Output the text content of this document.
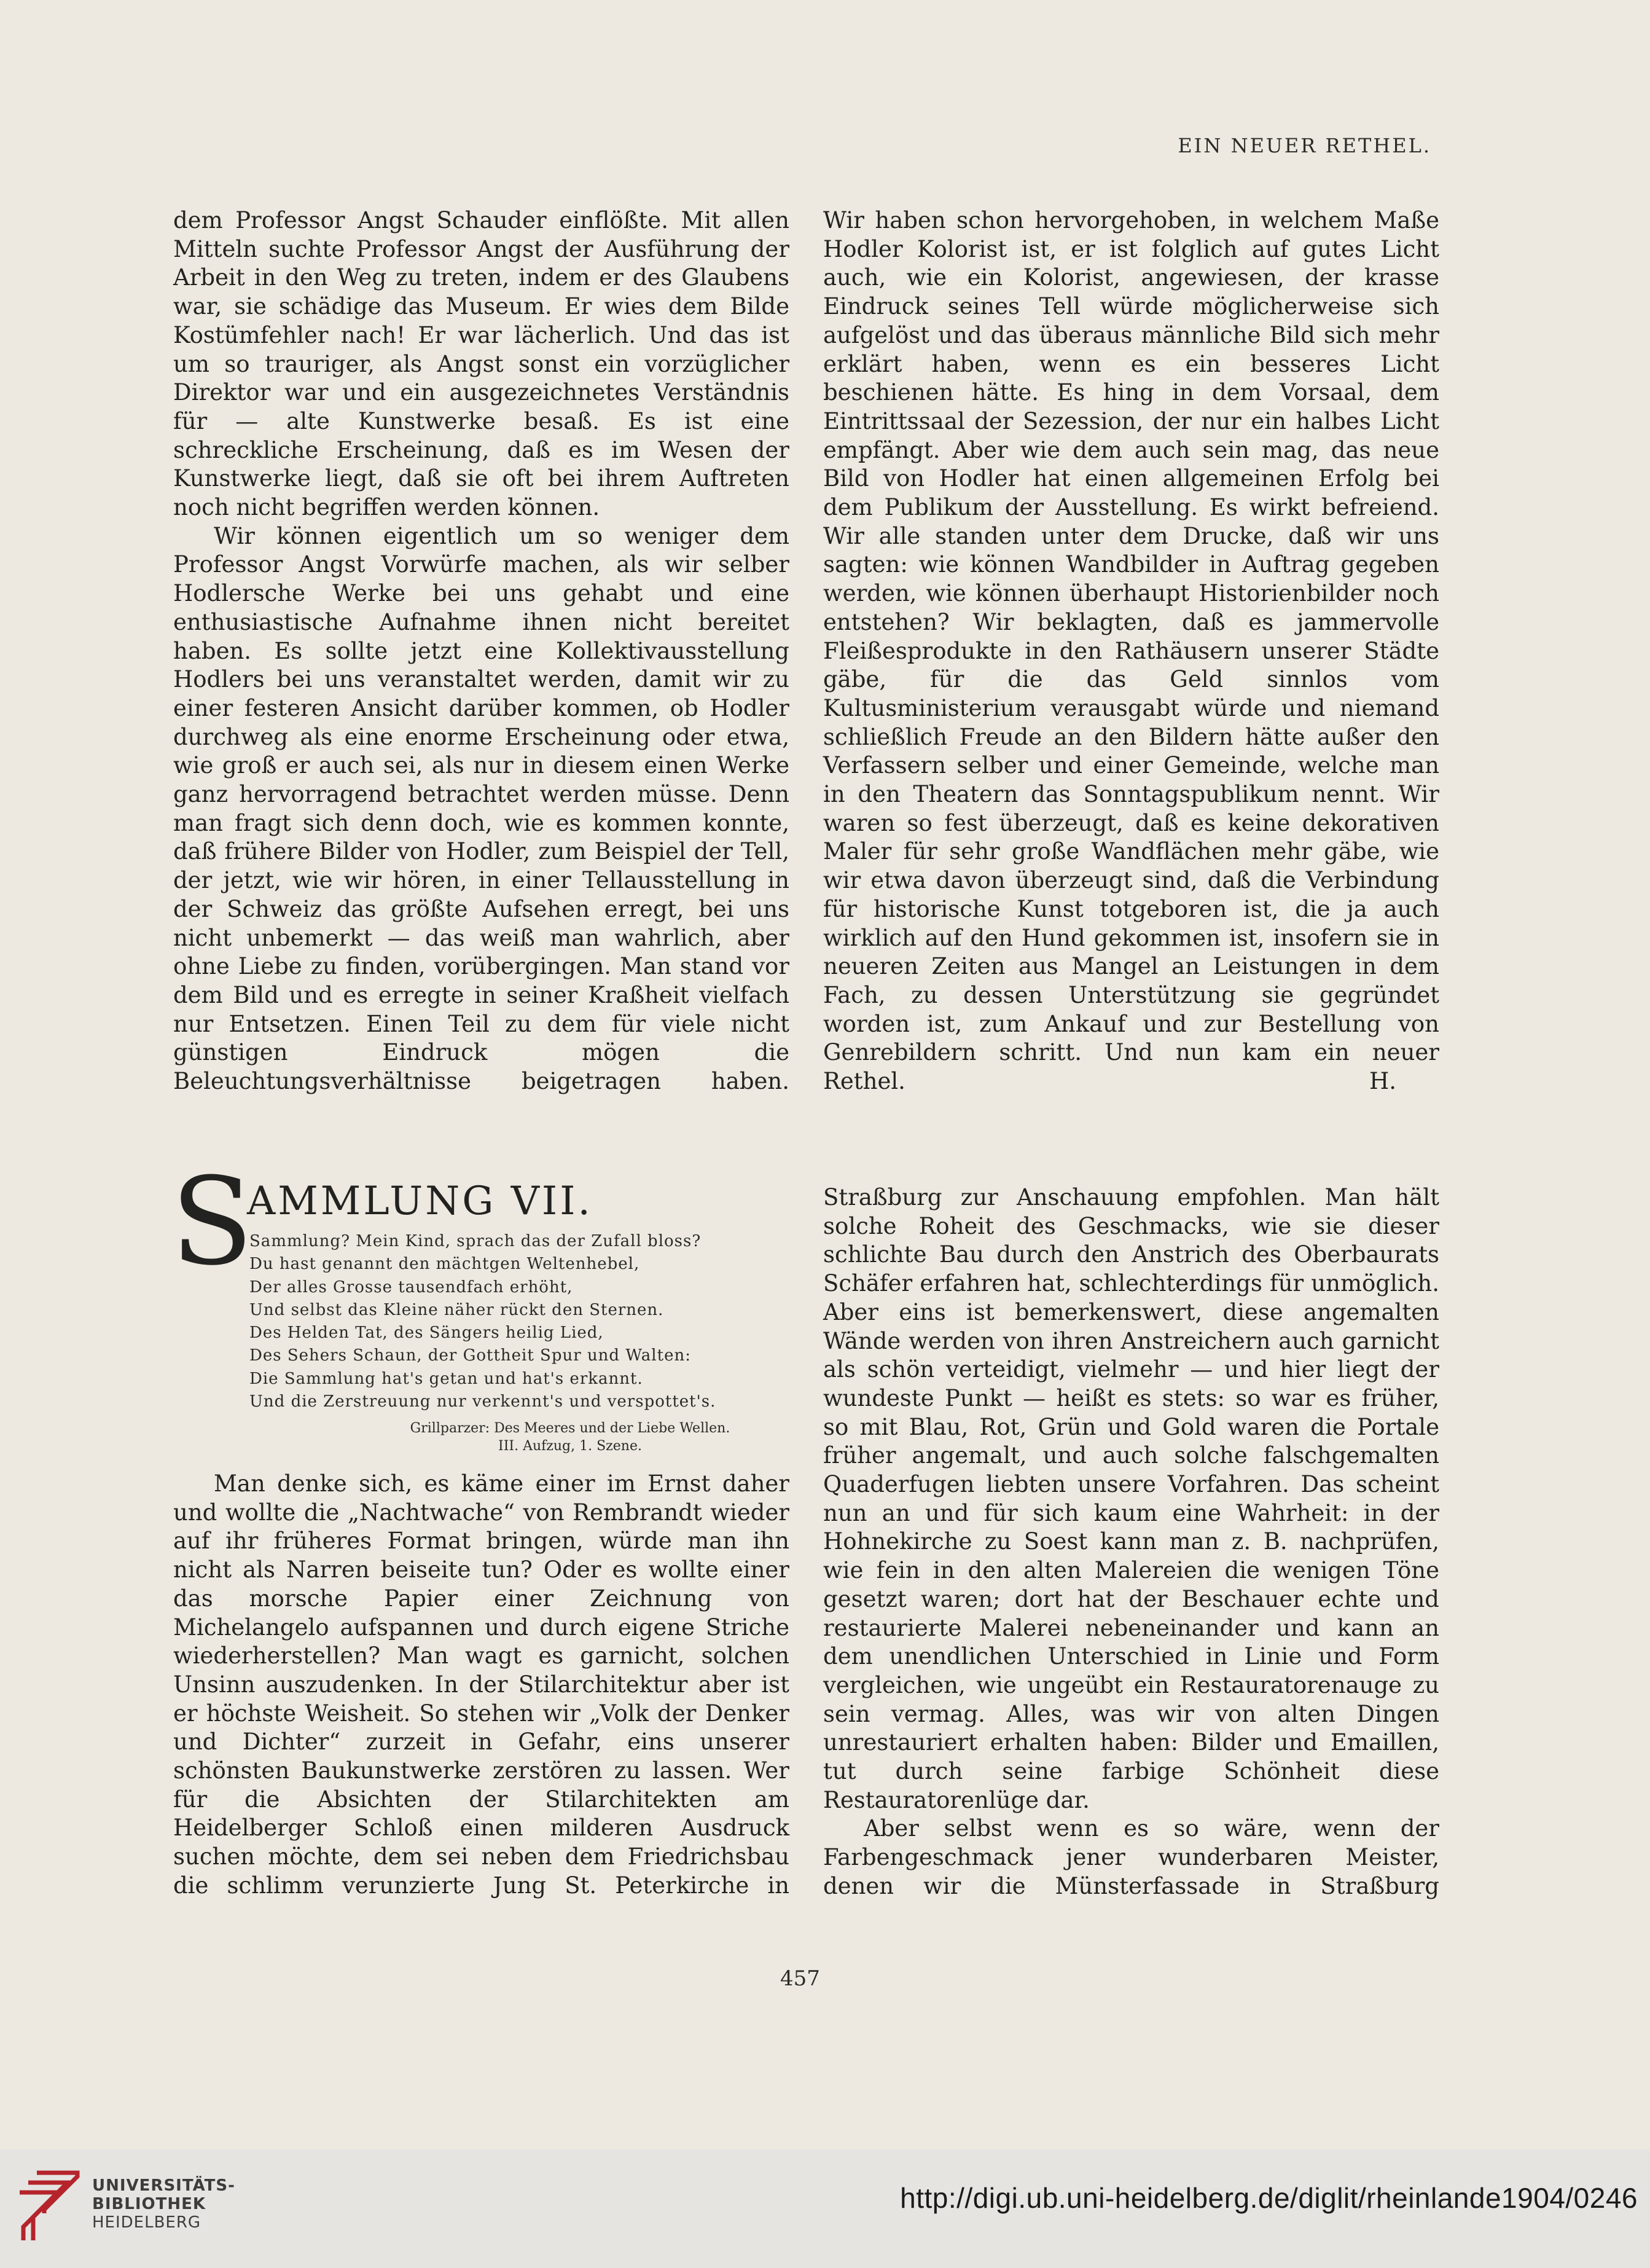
EIN NEUER RETHEL.

dem Professor Angst Schauder einflößte. Mit allen Mitteln suchte Professor Angst der Ausführung der Arbeit in den Weg zu treten, indem er des Glaubens war, sie schädige das Museum. Er wies dem Bilde Kostümfehler nach! Er war lächerlich. Und das ist um so trauriger, als Angst sonst ein vorzüglicher Direktor war und ein ausgezeichnetes Verständnis für — alte Kunstwerke besaß. Es ist eine schreckliche Erscheinung, daß es im Wesen der Kunstwerke liegt, daß sie oft bei ihrem Auftreten noch nicht begriffen werden können.

Wir können eigentlich um so weniger dem Professor Angst Vorwürfe machen, als wir selber Hodlersche Werke bei uns gehabt und eine enthusiastische Aufnahme ihnen nicht bereitet haben. Es sollte jetzt eine Kollektivausstellung Hodlers bei uns veranstaltet werden, damit wir zu einer festeren Ansicht darüber kommen, ob Hodler durchweg als eine enorme Erscheinung oder etwa, wie groß er auch sei, als nur in diesem einen Werke ganz hervorragend betrachtet werden müsse. Denn man fragt sich denn doch, wie es kommen konnte, daß frühere Bilder von Hodler, zum Beispiel der Tell, der jetzt, wie wir hören, in einer Tellausstellung in der Schweiz das größte Aufsehen erregt, bei uns nicht unbemerkt — das weiß man wahrlich, aber ohne Liebe zu finden, vorübergingen. Man stand vor dem Bild und es erregte in seiner Kraßheit vielfach nur Entsetzen. Einen Teil zu dem für viele nicht günstigen Eindruck mögen die Beleuchtungsverhältnisse beigetragen haben.

Wir haben schon hervorgehoben, in welchem Maße Hodler Kolorist ist, er ist folglich auf gutes Licht auch, wie ein Kolorist, angewiesen, der krasse Eindruck seines Tell würde möglicherweise sich aufgelöst und das überaus männliche Bild sich mehr erklärt haben, wenn es ein besseres Licht beschienen hätte. Es hing in dem Vorsaal, dem Eintrittssaal der Sezession, der nur ein halbes Licht empfängt. Aber wie dem auch sein mag, das neue Bild von Hodler hat einen allgemeinen Erfolg bei dem Publikum der Ausstellung. Es wirkt befreiend. Wir alle standen unter dem Drucke, daß wir uns sagten: wie können Wandbilder in Auftrag gegeben werden, wie können überhaupt Historienbilder noch entstehen? Wir beklagten, daß es jammervolle Fleißesprodukte in den Rathäusern unserer Städte gäbe, für die das Geld sinnlos vom Kultusministerium verausgabt würde und niemand schließlich Freude an den Bildern hätte außer den Verfassern selber und einer Gemeinde, welche man in den Theatern das Sonntagspublikum nennt. Wir waren so fest überzeugt, daß es keine dekorativen Maler für sehr große Wandflächen mehr gäbe, wie wir etwa davon überzeugt sind, daß die Verbindung für historische Kunst totgeboren ist, die ja auch wirklich auf den Hund gekommen ist, insofern sie in neueren Zeiten aus Mangel an Leistungen in dem Fach, zu dessen Unterstützung sie gegründet worden ist, zum Ankauf und zur Bestellung von Genrebildern schritt. Und nun kam ein neuer

Rethel.	H.
S
AMMLUNG VII.
Sammlung? Mein Kind, sprach das der Zufall bloss?
Du hast genannt den mächtgen Weltenhebel,
Der alles Grosse tausendfach erhöht,
Und selbst das Kleine näher rückt den Sternen.
Des Helden Tat, des Sängers heilig Lied,
Des Sehers Schaun, der Gottheit Spur und Walten:
Die Sammlung hat's getan und hat's erkannt.
Und die Zerstreuung nur verkennt's und verspottet's.
Grillparzer: Des Meeres und der Liebe Wellen.
III. Aufzug, 1. Szene.

Man denke sich, es käme einer im Ernst daher und wollte die „Nachtwache“ von Rembrandt wieder auf ihr früheres Format bringen, würde man ihn nicht als Narren beiseite tun? Oder es wollte einer das morsche Papier einer Zeichnung von Michelangelo aufspannen und durch eigene Striche wiederherstellen? Man wagt es garnicht, solchen Unsinn auszudenken. In der Stilarchitektur aber ist er höchste Weisheit. So stehen wir „Volk der Denker und Dichter“ zurzeit in Gefahr, eins unserer schönsten Baukunstwerke zerstören zu lassen. Wer für die Absichten der Stilarchitekten am Heidelberger Schloß einen milderen Ausdruck suchen möchte, dem sei neben dem Friedrichsbau die schlimm verunzierte Jung St. Peterkirche in

Straßburg zur Anschauung empfohlen. Man hält solche Roheit des Geschmacks, wie sie dieser schlichte Bau durch den Anstrich des Oberbaurats Schäfer erfahren hat, schlechterdings für unmöglich. Aber eins ist bemerkenswert, diese angemalten Wände werden von ihren Anstreichern auch garnicht als schön verteidigt, vielmehr — und hier liegt der wundeste Punkt — heißt es stets: so war es früher, so mit Blau, Rot, Grün und Gold waren die Portale früher angemalt, und auch solche falschgemalten Quaderfugen liebten unsere Vorfahren. Das scheint nun an und für sich kaum eine Wahrheit: in der Hohnekirche zu Soest kann man z. B. nachprüfen, wie fein in den alten Malereien die wenigen Töne gesetzt waren; dort hat der Beschauer echte und restaurierte Malerei nebeneinander und kann an dem unendlichen Unterschied in Linie und Form vergleichen, wie ungeübt ein Restauratorenauge zu sein vermag. Alles, was wir von alten Dingen unrestauriert erhalten haben: Bilder und Emaillen, tut durch seine farbige Schönheit diese Restauratorenlüge dar.

Aber selbst wenn es so wäre, wenn der Farbengeschmack jener wunderbaren Meister, denen wir die Münsterfassade in Straßburg

457
UNIVERSITÄTS-
BIBLIOTHEK
HEIDELBERG
http://digi.ub.uni-heidelberg.de/diglit/rheinlande1904/0246
